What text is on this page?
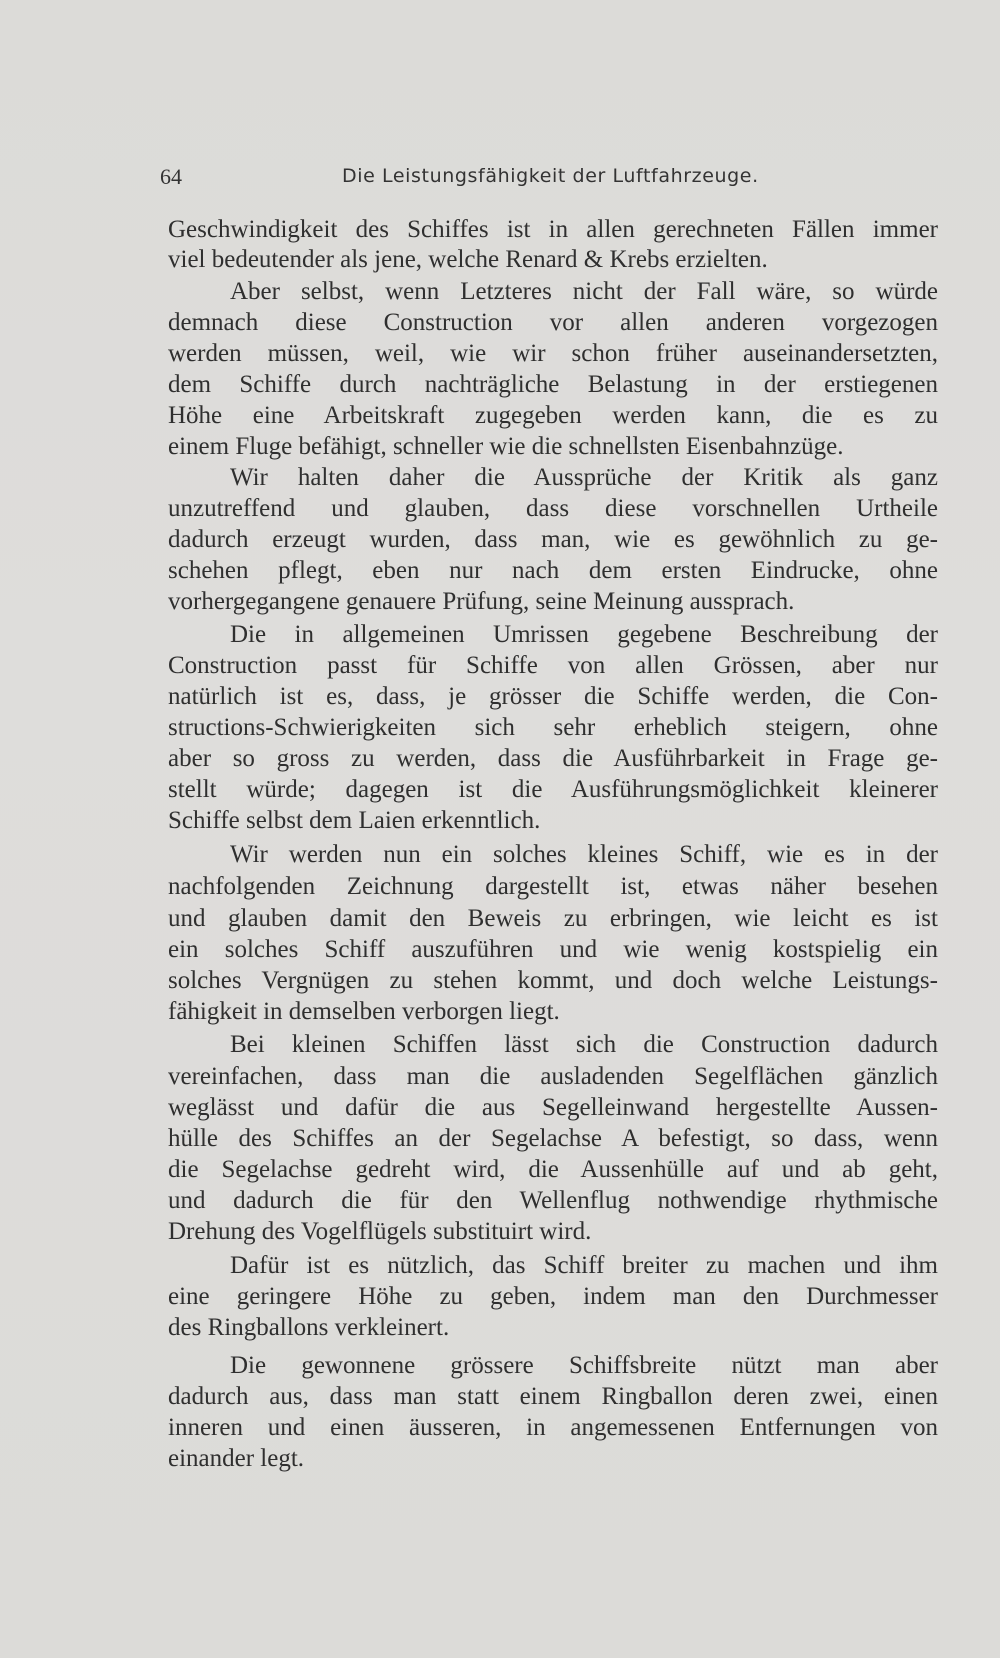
64	Die Leistungsfähigkeit der Luftfahrzeuge.
Geschwindigkeit des Schiffes ist in allen gerechneten Fällen immer
viel bedeutender als jene, welche Renard & Krebs erzielten.
Aber selbst, wenn Letzteres nicht der Fall wäre, so würde
demnach diese Construction vor allen anderen vorgezogen
werden müssen, weil, wie wir schon früher auseinandersetzten,
dem Schiffe durch nachträgliche Belastung in der erstiegenen
Höhe eine Arbeitskraft zugegeben werden kann, die es zu
einem Fluge befähigt, schneller wie die schnellsten Eisenbahnzüge.
Wir halten daher die Aussprüche der Kritik als ganz
unzutreffend und glauben, dass diese vorschnellen Urtheile
dadurch erzeugt wurden, dass man, wie es gewöhnlich zu ge-
schehen pflegt, eben nur nach dem ersten Eindrucke, ohne
vorhergegangene genauere Prüfung, seine Meinung aussprach.
Die in allgemeinen Umrissen gegebene Beschreibung der
Construction passt für Schiffe von allen Grössen, aber nur
natürlich ist es, dass, je grösser die Schiffe werden, die Con-
structions-Schwierigkeiten sich sehr erheblich steigern, ohne
aber so gross zu werden, dass die Ausführbarkeit in Frage ge-
stellt würde; dagegen ist die Ausführungsmöglichkeit kleinerer
Schiffe selbst dem Laien erkenntlich.
Wir werden nun ein solches kleines Schiff, wie es in der
nachfolgenden Zeichnung dargestellt ist, etwas näher besehen
und glauben damit den Beweis zu erbringen, wie leicht es ist
ein solches Schiff auszuführen und wie wenig kostspielig ein
solches Vergnügen zu stehen kommt, und doch welche Leistungs-
fähigkeit in demselben verborgen liegt.
Bei kleinen Schiffen lässt sich die Construction dadurch
vereinfachen, dass man die ausladenden Segelflächen gänzlich
weglässt und dafür die aus Segelleinwand hergestellte Aussen-
hülle des Schiffes an der Segelachse A befestigt, so dass, wenn
die Segelachse gedreht wird, die Aussenhülle auf und ab geht,
und dadurch die für den Wellenflug nothwendige rhythmische
Drehung des Vogelflügels substituirt wird.
Dafür ist es nützlich, das Schiff breiter zu machen und ihm
eine geringere Höhe zu geben, indem man den Durchmesser
des Ringballons verkleinert.
Die gewonnene grössere Schiffsbreite nützt man aber
dadurch aus, dass man statt einem Ringballon deren zwei, einen
inneren und einen äusseren, in angemessenen Entfernungen von
einander legt.
